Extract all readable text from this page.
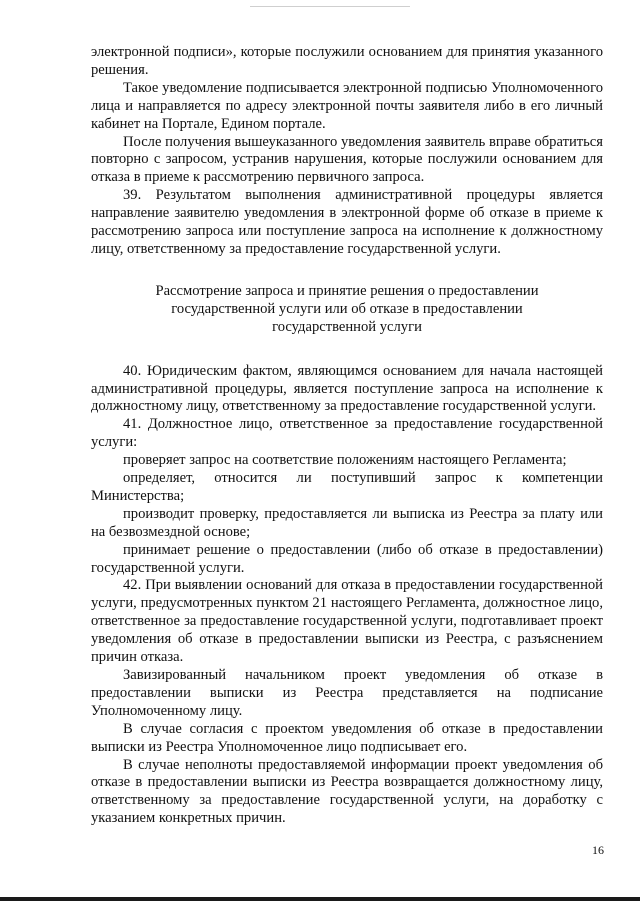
электронной подписи», которые послужили основанием для принятия указанного решения.

Такое уведомление подписывается электронной подписью Уполномоченного лица и направляется по адресу электронной почты заявителя либо в его личный кабинет на Портале, Едином портале.

После получения вышеуказанного уведомления заявитель вправе обратиться повторно с запросом, устранив нарушения, которые послужили основанием для отказа в приеме к рассмотрению первичного запроса.

39. Результатом выполнения административной процедуры является направление заявителю уведомления в электронной форме об отказе в приеме к рассмотрению запроса или поступление запроса на исполнение к должностному лицу, ответственному за предоставление государственной услуги.

Рассмотрение запроса и принятие решения о предоставлении
государственной услуги или об отказе в предоставлении
государственной услуги

40. Юридическим фактом, являющимся основанием для начала настоящей административной процедуры, является поступление запроса на исполнение к должностному лицу, ответственному за предоставление государственной услуги.

41. Должностное лицо, ответственное за предоставление государственной услуги:

проверяет запрос на соответствие положениям настоящего Регламента;

определяет, относится ли поступивший запрос к компетенции Министерства;

производит проверку, предоставляется ли выписка из Реестра за плату или на безвозмездной основе;

принимает решение о предоставлении (либо об отказе в предоставлении) государственной услуги.

42. При выявлении оснований для отказа в предоставлении государственной услуги, предусмотренных пунктом 21 настоящего Регламента, должностное лицо, ответственное за предоставление государственной услуги, подготавливает проект уведомления об отказе в предоставлении выписки из Реестра, с разъяснением причин отказа.

Завизированный начальником проект уведомления об отказе в предоставлении выписки из Реестра представляется на подписание Уполномоченному лицу.

В случае согласия с проектом уведомления об отказе в предоставлении выписки из Реестра Уполномоченное лицо подписывает его.

В случае неполноты предоставляемой информации проект уведомления об отказе в предоставлении выписки из Реестра возвращается должностному лицу, ответственному за предоставление государственной услуги, на доработку с указанием конкретных причин.

16
